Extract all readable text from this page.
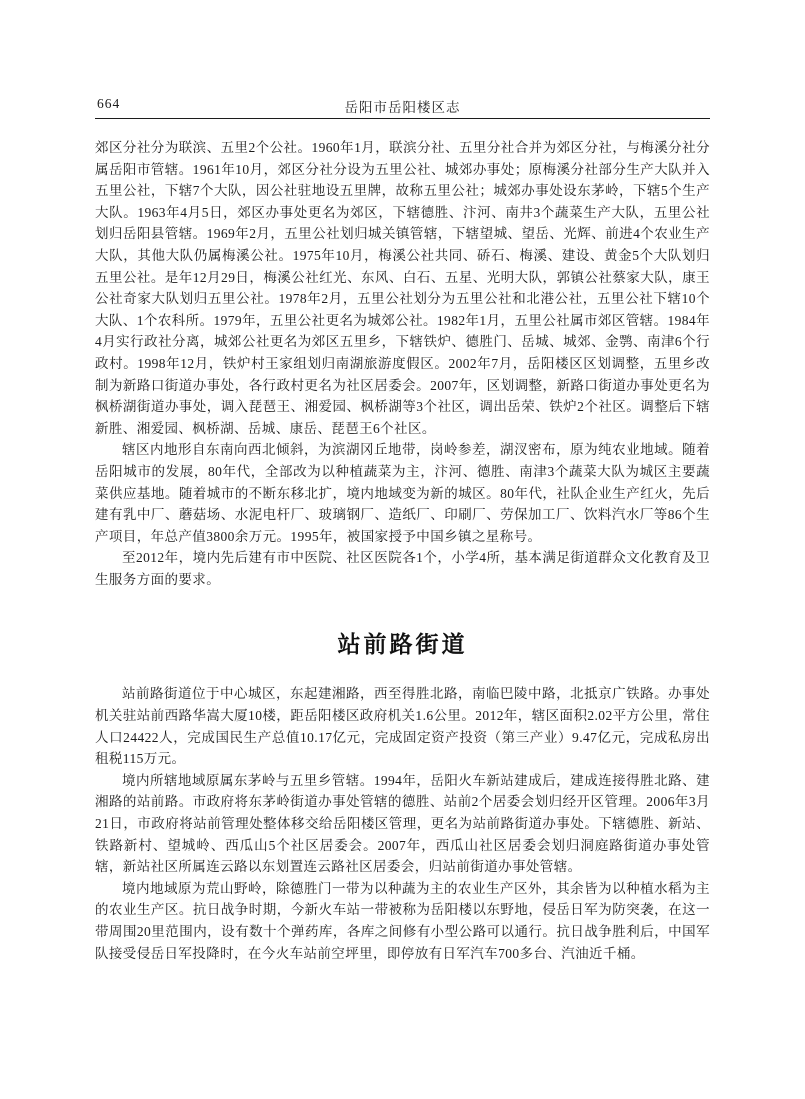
664	岳阳市岳阳楼区志

郊区分社分为联滨、五里2个公社。1960年1月，联滨分社、五里分社合并为郊区分社，与梅溪分社分属岳阳市管辖。1961年10月，郊区分社分设为五里公社、城郊办事处；原梅溪分社部分生产大队并入五里公社，下辖7个大队，因公社驻地设五里牌，故称五里公社；城郊办事处设东茅岭，下辖5个生产大队。1963年4月5日，郊区办事处更名为郊区，下辖德胜、汴河、南井3个蔬菜生产大队，五里公社划归岳阳县管辖。1969年2月，五里公社划归城关镇管辖，下辖望城、望岳、光辉、前进4个农业生产大队，其他大队仍属梅溪公社。1975年10月，梅溪公社共同、硚石、梅溪、建设、黄金5个大队划归五里公社。是年12月29日，梅溪公社红光、东风、白石、五星、光明大队，郭镇公社蔡家大队，康王公社奇家大队划归五里公社。1978年2月，五里公社划分为五里公社和北港公社，五里公社下辖10个大队、1个农科所。1979年，五里公社更名为城郊公社。1982年1月，五里公社属市郊区管辖。1984年4月实行政社分离，城郊公社更名为郊区五里乡，下辖铁炉、德胜门、岳城、城郊、金鹗、南津6个行政村。1998年12月，铁炉村王家组划归南湖旅游度假区。2002年7月，岳阳楼区区划调整，五里乡改制为新路口街道办事处，各行政村更名为社区居委会。2007年，区划调整，新路口街道办事处更名为枫桥湖街道办事处，调入琵琶王、湘爱园、枫桥湖等3个社区，调出岳荣、铁炉2个社区。调整后下辖新胜、湘爱园、枫桥湖、岳城、康岳、琵琶王6个社区。

辖区内地形自东南向西北倾斜，为滨湖冈丘地带，岗岭参差，湖汊密布，原为纯农业地域。随着岳阳城市的发展，80年代，全部改为以种植蔬菜为主，汴河、德胜、南津3个蔬菜大队为城区主要蔬菜供应基地。随着城市的不断东移北扩，境内地域变为新的城区。80年代，社队企业生产红火，先后建有乳中厂、蘑菇场、水泥电杆厂、玻璃钢厂、造纸厂、印刷厂、劳保加工厂、饮料汽水厂等86个生产项目，年总产值3800余万元。1995年，被国家授予中国乡镇之星称号。

至2012年，境内先后建有市中医院、社区医院各1个，小学4所，基本满足街道群众文化教育及卫生服务方面的要求。

站前路街道

站前路街道位于中心城区，东起建湘路，西至得胜北路，南临巴陵中路，北抵京广铁路。办事处机关驻站前西路华嵩大厦10楼，距岳阳楼区政府机关1.6公里。2012年，辖区面积2.02平方公里，常住人口24422人，完成国民生产总值10.17亿元，完成固定资产投资（第三产业）9.47亿元，完成私房出租税115万元。

境内所辖地域原属东茅岭与五里乡管辖。1994年，岳阳火车新站建成后，建成连接得胜北路、建湘路的站前路。市政府将东茅岭街道办事处管辖的德胜、站前2个居委会划归经开区管理。2006年3月21日，市政府将站前管理处整体移交给岳阳楼区管理，更名为站前路街道办事处。下辖德胜、新站、铁路新村、望城岭、西瓜山5个社区居委会。2007年，西瓜山社区居委会划归洞庭路街道办事处管辖，新站社区所属连云路以东划置连云路社区居委会，归站前街道办事处管辖。

境内地域原为荒山野岭，除德胜门一带为以种蔬为主的农业生产区外，其余皆为以种植水稻为主的农业生产区。抗日战争时期，今新火车站一带被称为岳阳楼以东野地，侵岳日军为防突袭，在这一带周围20里范围内，设有数十个弹药库，各库之间修有小型公路可以通行。抗日战争胜利后，中国军队接受侵岳日军投降时，在今火车站前空坪里，即停放有日军汽车700多台、汽油近千桶。
